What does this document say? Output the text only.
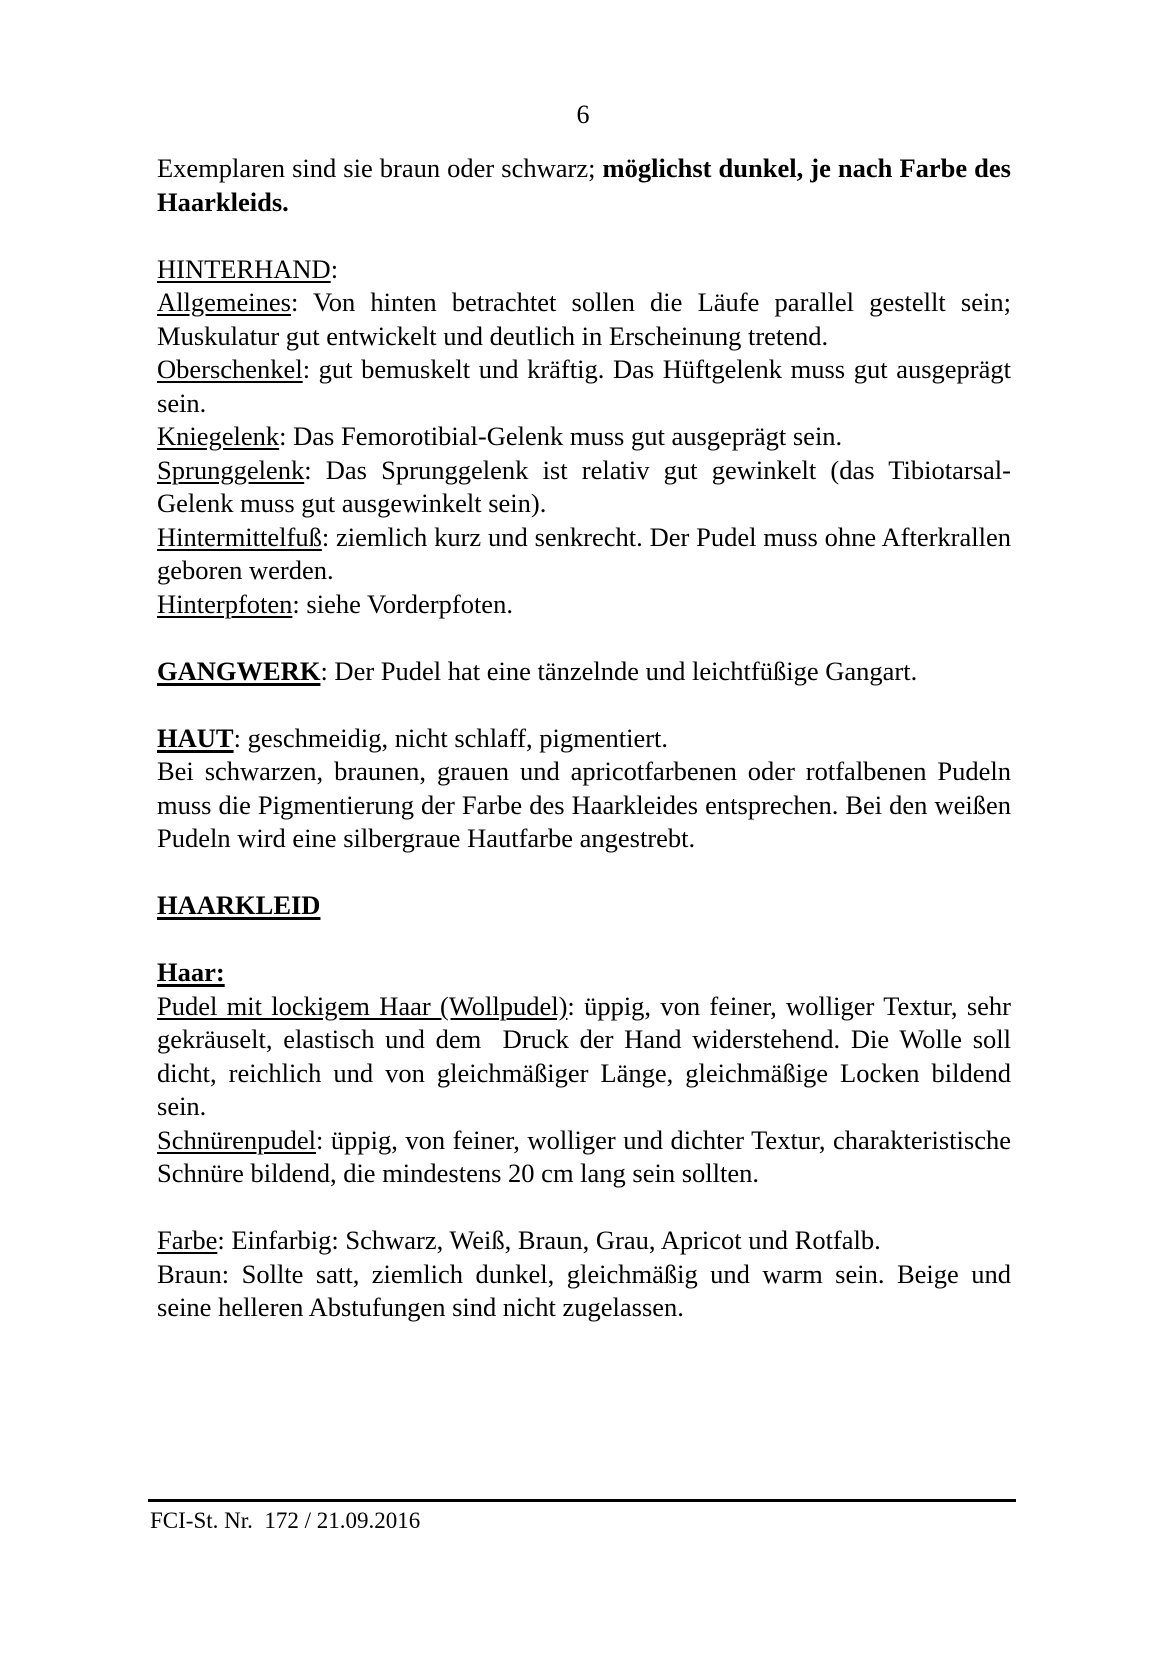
6

Exemplaren sind sie braun oder schwarz; möglichst dunkel, je nach Farbe des Haarkleids.

HINTERHAND:

Allgemeines: Von hinten betrachtet sollen die Läufe parallel gestellt sein; Muskulatur gut entwickelt und deutlich in Erscheinung tretend.

Oberschenkel: gut bemuskelt und kräftig. Das Hüftgelenk muss gut ausgeprägt sein.

Kniegelenk: Das Femorotibial-Gelenk muss gut ausgeprägt sein.

Sprunggelenk: Das Sprunggelenk ist relativ gut gewinkelt (das Tibiotarsal-Gelenk muss gut ausgewinkelt sein).

Hintermittelfuß: ziemlich kurz und senkrecht. Der Pudel muss ohne Afterkrallen geboren werden.

Hinterpfoten: siehe Vorderpfoten.

GANGWERK: Der Pudel hat eine tänzelnde und leichtfüßige Gangart.

HAUT: geschmeidig, nicht schlaff, pigmentiert.

Bei schwarzen, braunen, grauen und apricotfarbenen oder rotfalbenen Pudeln muss die Pigmentierung der Farbe des Haarkleides entsprechen. Bei den weißen Pudeln wird eine silbergraue Hautfarbe angestrebt.

HAARKLEID

Haar:

Pudel mit lockigem Haar (Wollpudel): üppig, von feiner, wolliger Textur, sehr gekräuselt, elastisch und dem  Druck der Hand widerstehend. Die Wolle soll dicht, reichlich und von gleichmäßiger Länge, gleichmäßige Locken bildend sein.

Schnürenpudel: üppig, von feiner, wolliger und dichter Textur, charakteristische Schnüre bildend, die mindestens 20 cm lang sein sollten.

Farbe: Einfarbig: Schwarz, Weiß, Braun, Grau, Apricot und Rotfalb.

Braun: Sollte satt, ziemlich dunkel, gleichmäßig und warm sein. Beige und seine helleren Abstufungen sind nicht zugelassen.

FCI-St. Nr.  172 / 21.09.2016
